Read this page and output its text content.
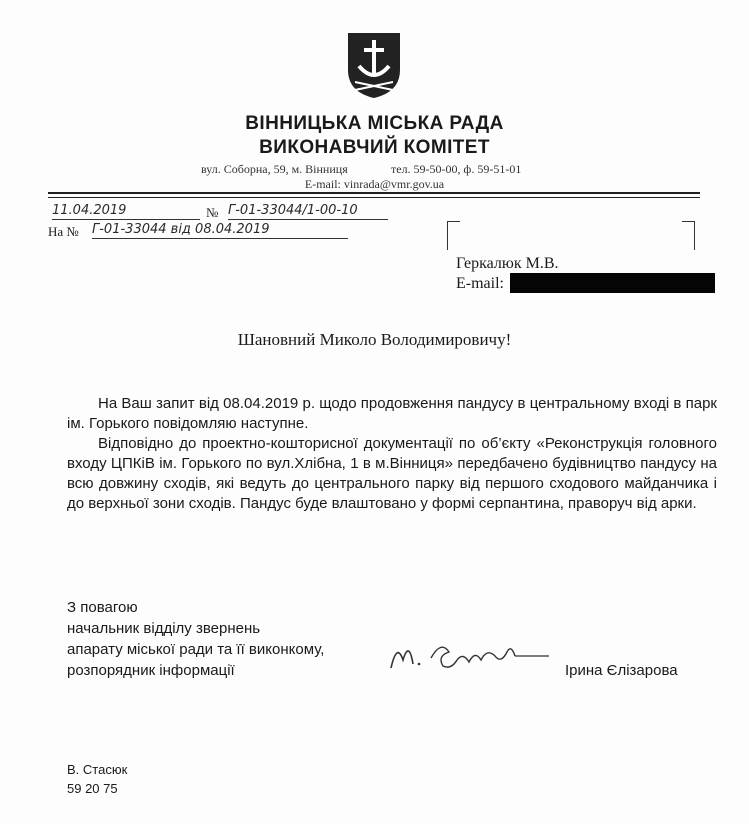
ВІННИЦЬКА МІСЬКА РАДА
ВИКОНАВЧИЙ КОМІТЕТ
вул. Соборна, 59, м. Вінниця	тел. 59-50-00, ф. 59-51-01
E-mail: vinrada@vmr.gov.ua
11.04.2019	№ Г-01-33044/1-00-10
На № Г-01-33044 від 08.04.2019
Геркалюк М.В.
E-mail:
Шановний Миколо Володимировичу!

На Ваш запит від 08.04.2019 р. щодо продовження пандусу в центральному вході в парк ім. Горького повідомляю наступне.

Відповідно до проектно-кошторисної документації по об’єкту «Реконструкція головного входу ЦПКіВ ім. Горького по вул.Хлібна, 1 в м.Вінниця» передбачено будівництво пандусу на всю довжину сходів, які ведуть до центрального парку від першого сходового майданчика і до верхньої зони сходів. Пандус буде влаштовано у формі серпантина, праворуч від арки.

З повагою
начальник відділу звернень
апарату міської ради та її виконкому,
розпорядник інформації	Ірина Єлізарова
В. Стасюк
59 20 75
